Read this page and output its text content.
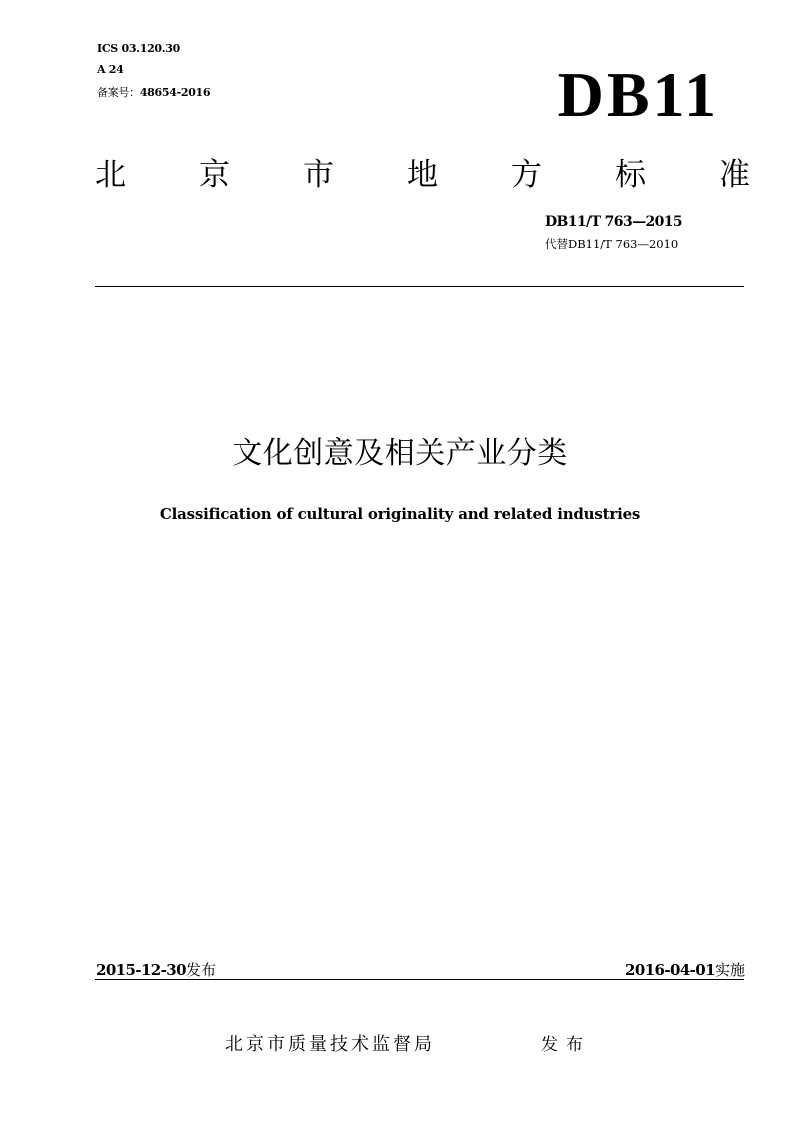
ICS 03.120.30
A 24
备案号：48654-2016	DB11
北 京 市 地 方 标 准
DB11/T 763—2015
代替DB11/T 763—2010
文化创意及相关产业分类
Classification of cultural originality and related industries
2015-12-30发布	2016-04-01实施
北京市质量技术监督局	发布
